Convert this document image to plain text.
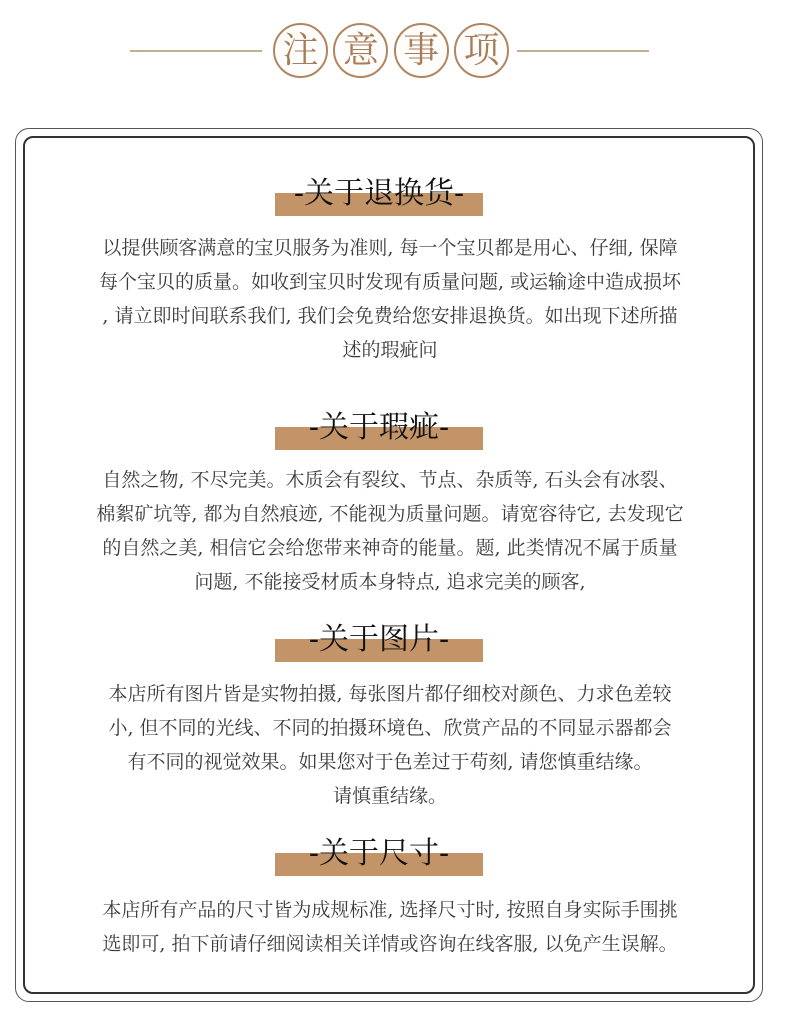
注 意 事 项
-关于退换货-
以提供顾客满意的宝贝服务为准则, 每一个宝贝都是用心、仔细, 保障
每个宝贝的质量。如收到宝贝时发现有质量问题, 或运输途中造成损坏
, 请立即时间联系我们, 我们会免费给您安排退换货。如出现下述所描
述的瑕疵问
-关于瑕疵-
自然之物, 不尽完美。木质会有裂纹、节点、杂质等, 石头会有冰裂、
棉絮矿坑等, 都为自然痕迹, 不能视为质量问题。请宽容待它, 去发现它
的自然之美, 相信它会给您带来神奇的能量。题, 此类情况不属于质量
问题, 不能接受材质本身特点, 追求完美的顾客,
-关于图片-
本店所有图片皆是实物拍摄, 每张图片都仔细校对颜色、力求色差较
小, 但不同的光线、不同的拍摄环境色、欣赏产品的不同显示器都会
有不同的视觉效果。如果您对于色差过于苟刻, 请您慎重结缘。
请慎重结缘。
-关于尺寸-
本店所有产品的尺寸皆为成规标准, 选择尺寸时, 按照自身实际手围挑
选即可, 拍下前请仔细阅读相关详情或咨询在线客服, 以免产生误解。
